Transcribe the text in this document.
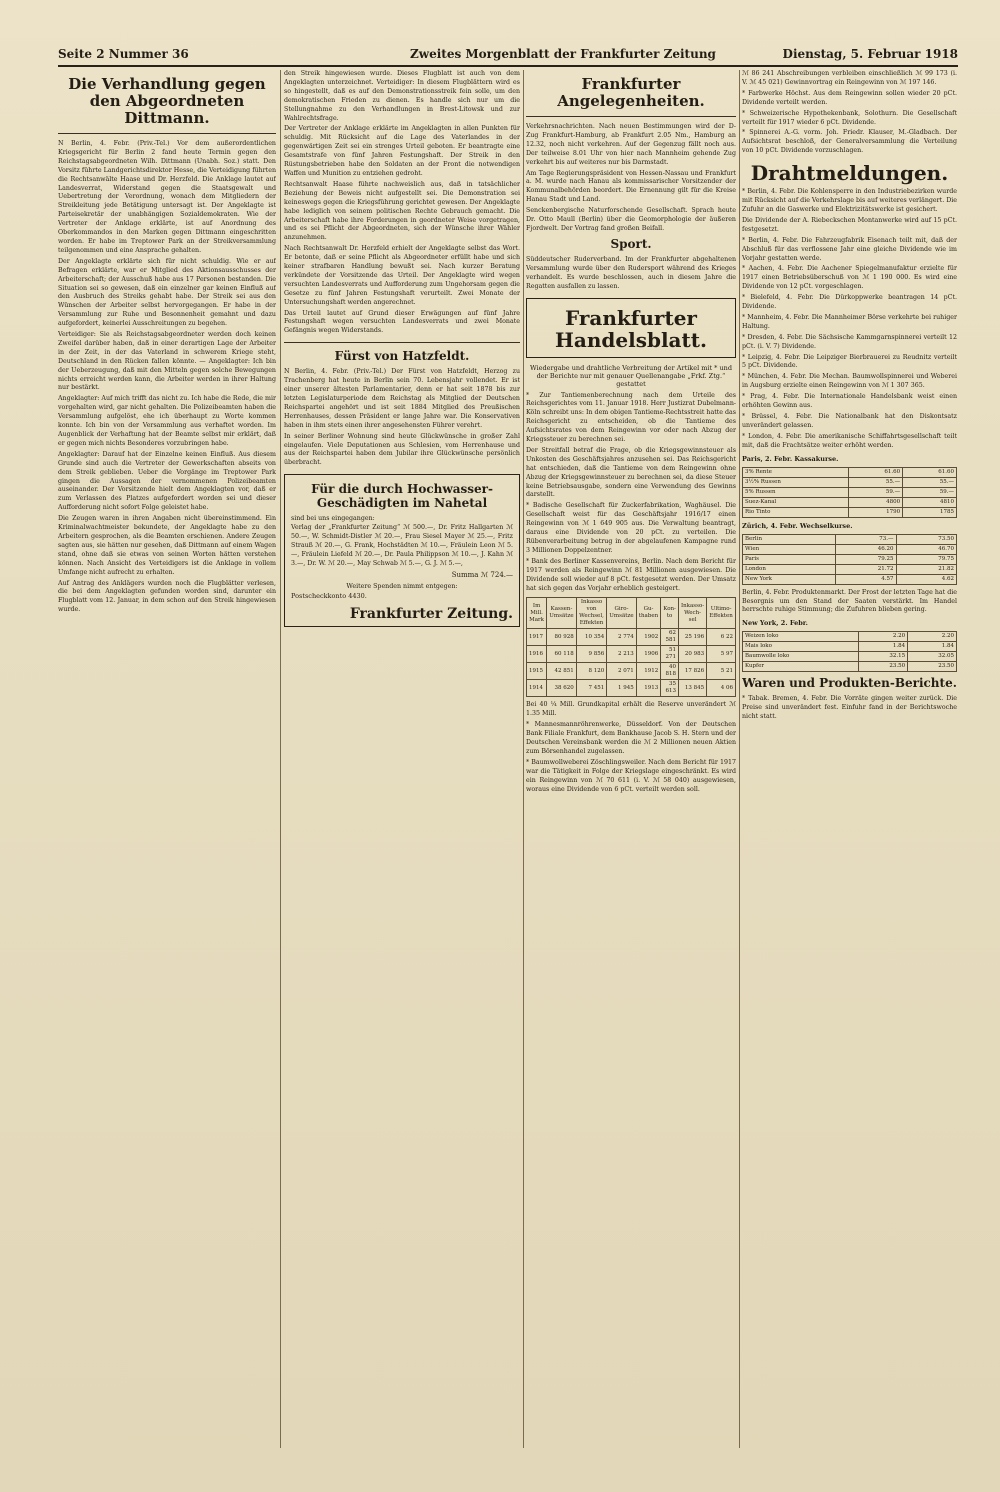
Seite 2 Nummer 36	Zweites Morgenblatt der Frankfurter Zeitung	Dienstag, 5. Februar 1918
Die Verhandlung gegen den Abgeordneten Dittmann.

N Berlin, 4. Febr. (Priv.-Tel.) Vor dem außerordentlichen Kriegsgericht für Berlin 2 fand heute Termin gegen den Reichstagsabgeordneten Wilh. Dittmann (Unabh. Soz.) statt. Den Vorsitz führte Landgerichtsdirektor Hesse, die Verteidigung führten die Rechtsanwälte Haase und Dr. Herzfeld. Die Anklage lautet auf Landesverrat, Widerstand gegen die Staatsgewalt und Uebertretung der Verordnung, wonach dem Mitgliedern der Streikleitung jede Betätigung untersagt ist. Der Angeklagte ist Parteisekretär der unabhängigen Sozialdemokraten. Wie der Vertreter der Anklage erklärte, ist auf Anordnung des Oberkommandos in den Marken gegen Dittmann eingeschritten worden. Er habe im Treptower Park an der Streikversammlung teilgenommen und eine Ansprache gehalten.

Der Angeklagte erklärte sich für nicht schuldig. Wie er auf Befragen erklärte, war er Mitglied des Aktionsausschusses der Arbeiterschaft; der Ausschuß habe aus 17 Personen bestanden. Die Situation sei so gewesen, daß ein einzelner gar keinen Einfluß auf den Ausbruch des Streiks gehabt habe. Der Streik sei aus den Wünschen der Arbeiter selbst hervorgegangen. Er habe in der Versammlung zur Ruhe und Besonnenheit gemahnt und dazu aufgefordert, keinerlei Ausschreitungen zu begehen.

Verteidiger: Sie als Reichstagsabgeordneter werden doch keinen Zweifel darüber haben, daß in einer derartigen Lage der Arbeiter in der Zeit, in der das Vaterland in schwerem Kriege steht, Deutschland in den Rücken fallen könnte. — Angeklagter: Ich bin der Ueberzeugung, daß mit den Mitteln gegen solche Bewegungen nichts erreicht werden kann, die Arbeiter werden in ihrer Haltung nur bestärkt.

Angeklagter: Auf mich trifft das nicht zu. Ich habe die Rede, die mir vorgehalten wird, gar nicht gehalten. Die Polizeibeamten haben die Versammlung aufgelöst, ehe ich überhaupt zu Worte kommen konnte. Ich bin von der Versammlung aus verhaftet worden. Im Augenblick der Verhaftung hat der Beamte selbst mir erklärt, daß er gegen mich nichts Besonderes vorzubringen habe.

Angeklagter: Darauf hat der Einzelne keinen Einfluß. Aus diesem Grunde sind auch die Vertreter der Gewerkschaften abseits von dem Streik geblieben. Ueber die Vorgänge im Treptower Park gingen die Aussagen der vernommenen Polizeibeamten auseinander. Der Vorsitzende hielt dem Angeklagten vor, daß er zum Verlassen des Platzes aufgefordert worden sei und dieser Aufforderung nicht sofort Folge geleistet habe.

Die Zeugen waren in ihren Angaben nicht übereinstimmend. Ein Kriminalwachtmeister bekundete, der Angeklagte habe zu den Arbeitern gesprochen, als die Beamten erschienen. Andere Zeugen sagten aus, sie hätten nur gesehen, daß Dittmann auf einem Wagen stand, ohne daß sie etwas von seinen Worten hätten verstehen können. Nach Ansicht des Verteidigers ist die Anklage in vollem Umfange nicht aufrecht zu erhalten.

Auf Antrag des Anklägers wurden noch die Flugblätter verlesen, die bei dem Angeklagten gefunden worden sind, darunter ein Flugblatt vom 12. Januar, in dem schon auf den Streik hingewiesen wurde.

den Streik hingewiesen wurde. Dieses Flugblatt ist auch von dem Angeklagten unterzeichnet. Verteidiger: In diesem Flugblättern wird es so hingestellt, daß es auf den Demonstrationsstreik fein solle, um den demokratischen Frieden zu dienen. Es handle sich nur um die Stellungnahme zu den Verhandlungen in Brest-Litowsk und zur Wahlrechtsfrage.

Der Vertreter der Anklage erklärte im Angeklagten in allen Punkten für schuldig. Mit Rücksicht auf die Lage des Vaterlandes in der gegenwärtigen Zeit sei ein strenges Urteil geboten. Er beantragte eine Gesamtstrafe von fünf Jahren Festungshaft. Der Streik in den Rüstungsbetrieben habe den Soldaten an der Front die notwendigen Waffen und Munition zu entziehen gedroht.

Rechtsanwalt Haase führte nachweislich aus, daß in tatsächlicher Beziehung der Beweis nicht aufgestellt sei. Die Demonstration sei keineswegs gegen die Kriegsführung gerichtet gewesen. Der Angeklagte habe lediglich von seinem politischen Rechte Gebrauch gemacht. Die Arbeiterschaft habe ihre Forderungen in geordneter Weise vorgetragen, und es sei Pflicht der Abgeordneten, sich der Wünsche ihrer Wähler anzunehmen.

Nach Rechtsanwalt Dr. Herzfeld erhielt der Angeklagte selbst das Wort. Er betonte, daß er seine Pflicht als Abgeordneter erfüllt habe und sich keiner strafbaren Handlung bewußt sei. Nach kurzer Beratung verkündete der Vorsitzende das Urteil. Der Angeklagte wird wegen versuchten Landesverrats und Aufforderung zum Ungehorsam gegen die Gesetze zu fünf Jahren Festungshaft verurteilt. Zwei Monate der Untersuchungshaft werden angerechnet.

Das Urteil lautet auf Grund dieser Erwägungen auf fünf Jahre Festungshaft wegen versuchten Landesverrats und zwei Monate Gefängnis wegen Widerstands.

Fürst von Hatzfeldt.

N Berlin, 4. Febr. (Priv.-Tel.) Der Fürst von Hatzfeldt, Herzog zu Trachenberg hat heute in Berlin sein 70. Lebensjahr vollendet. Er ist einer unserer ältesten Parlamentarier, denn er hat seit 1878 bis zur letzten Legislaturperiode dem Reichstag als Mitglied der Deutschen Reichspartei angehört und ist seit 1884 Mitglied des Preußischen Herrenhauses, dessen Präsident er lange Jahre war. Die Konservativen haben in ihm stets einen ihrer angesehensten Führer verehrt.

In seiner Berliner Wohnung sind heute Glückwünsche in großer Zahl eingelaufen. Viele Deputationen aus Schlesien, vom Herrenhause und aus der Reichspartei haben dem Jubilar ihre Glückwünsche persönlich überbracht.

Für die durch Hochwasser-Geschädigten im Nahetal
sind bei uns eingegangen:
Verlag der „Frankfurter Zeitung“ ℳ 500.—, Dr. Fritz Hallgarten ℳ 50.—, W. Schmidt-Distler ℳ 20.—, Frau Siesel Mayer ℳ 25.—, Fritz Strauß ℳ 20.—, G. Frank, Hochstädten ℳ 10.—, Fräulein Leon ℳ 5.—, Fräulein Liefeld ℳ 20.—, Dr. Paula Philippson ℳ 10.—, J. Kahn ℳ 3.—, Dr. W. ℳ 20.—, May Schwab ℳ 5.—, G. J. ℳ 5.—,
Summa ℳ 724.—
Weitere Spenden nimmt entgegen:
Postscheckkonto 4430.
Frankfurter Zeitung.
Frankfurter Angelegenheiten.

Verkehrsnachrichten. Nach neuen Bestimmungen wird der D-Zug Frankfurt-Hamburg, ab Frankfurt 2.05 Nm., Hamburg an 12.32, noch nicht verkehren. Auf der Gegenzug fällt noch aus. Der teilweise 8.01 Uhr von hier nach Mannheim gehende Zug verkehrt bis auf weiteres nur bis Darmstadt.

Am Tage Regierungspräsident von Hessen-Nassau und Frankfurt a. M. wurde nach Hanau als kommissarischer Vorsitzender der Kommunalbehörden beordert. Die Ernennung gilt für die Kreise Hanau Stadt und Land.

Senckenbergische Naturforschende Gesellschaft. Sprach heute Dr. Otto Maull (Berlin) über die Geomorphologie der äußeren Fjordwelt. Der Vortrag fand großen Beifall.

Sport.

Süddeutscher Ruderverband. Im der Frankfurter abgehaltenen Versammlung wurde über den Rudersport während des Krieges verhandelt. Es wurde beschlossen, auch in diesem Jahre die Regatten ausfallen zu lassen.

Frankfurter Handelsblatt.
Wiedergabe und drahtliche Verbreitung der Artikel mit * und der Berichte nur mit genauer Quellenangabe „Frkf. Ztg.“ gestattet

* Zur Tantiemenberechnung nach dem Urteile des Reichsgerichtes vom 11. Januar 1918. Herr Justizrat Dubelmann-Köln schreibt uns: In dem obigen Tantieme-Rechtsstreit hatte das Reichsgericht zu entscheiden, ob die Tantieme des Aufsichtsrates von dem Reingewinn vor oder nach Abzug der Kriegssteuer zu berechnen sei.

Der Streitfall betraf die Frage, ob die Kriegsgewinnsteuer als Unkosten des Geschäftsjahres anzusehen sei. Das Reichsgericht hat entschieden, daß die Tantieme von dem Reingewinn ohne Abzug der Kriegsgewinnsteuer zu berechnen sei, da diese Steuer keine Betriebsausgabe, sondern eine Verwendung des Gewinns darstellt.

* Badische Gesellschaft für Zuckerfabrikation, Waghäusel. Die Gesellschaft weist für das Geschäftsjahr 1916/17 einen Reingewinn von ℳ 1 649 905 aus. Die Verwaltung beantragt, daraus eine Dividende von 20 pCt. zu verteilen. Die Rübenverarbeitung betrug in der abgelaufenen Kampagne rund 3 Millionen Doppelzentner.

* Bank des Berliner Kassenvereins, Berlin. Nach dem Bericht für 1917 werden als Reingewinn ℳ 81 Millionen ausgewiesen. Die Dividende soll wieder auf 8 pCt. festgesetzt werden. Der Umsatz hat sich gegen das Vorjahr erheblich gesteigert.

Im Mill. Mark	Kassen-Umsätze	Inkasso von Wechsel, Effekten	Giro-Umsätze	Gu-thaben	Kon-to	Inkasso-Wech-sel	Ultimo-Effekten
1917	80 928	10 354	2 774	1902	62 581	25 196	6 22
1916	60 118	9 856	2 213	1906	51 271	20 983	5 97
1915	42 851	8 120	2 071	1912	40 818	17 826	5 21
1914	38 620	7 451	1 945	1913	35 613	13 845	4 06

Bei 40 ¼ Mill. Grundkapital erhält die Reserve unverändert ℳ 1.35 Mill.

* Mannesmannröhrenwerke, Düsseldorf. Von der Deutschen Bank Filiale Frankfurt, dem Bankhause Jacob S. H. Stern und der Deutschen Vereinsbank werden die ℳ 2 Millionen neuen Aktien zum Börsenhandel zugelassen.

* Baumwollweberei Zöschlingsweiler. Nach dem Bericht für 1917 war die Tätigkeit in Folge der Kriegslage eingeschränkt. Es wird ein Reingewinn von ℳ 70 611 (i. V. ℳ 58 040) ausgewiesen, woraus eine Dividende von 6 pCt. verteilt werden soll.

ℳ 86 241 Abschreibungen verbleiben einschließlich ℳ 99 173 (i. V. ℳ 45 021) Gewinnvortrag ein Reingewinn von ℳ 197 146.

* Farbwerke Höchst. Aus dem Reingewinn sollen wieder 20 pCt. Dividende verteilt werden.

* Schweizerische Hypothekenbank, Solothurn. Die Gesellschaft verteilt für 1917 wieder 6 pCt. Dividende.

* Spinnerei A.-G. vorm. Joh. Friedr. Klauser, M.-Gladbach. Der Aufsichtsrat beschloß, der Generalversammlung die Verteilung von 10 pCt. Dividende vorzuschlagen.

Drahtmeldungen.

* Berlin, 4. Febr. Die Kohlensperre in den Industriebezirken wurde mit Rücksicht auf die Verkehrslage bis auf weiteres verlängert. Die Zufuhr an die Gaswerke und Elektrizitätswerke ist gesichert.

Die Dividende der A. Riebeckschen Montanwerke wird auf 15 pCt. festgesetzt.

* Berlin, 4. Febr. Die Fahrzeugfabrik Eisenach teilt mit, daß der Abschluß für das verflossene Jahr eine gleiche Dividende wie im Vorjahr gestatten werde.

* Aachen, 4. Febr. Die Aachener Spiegelmanufaktur erzielte für 1917 einen Betriebsüberschuß von ℳ 1 190 000. Es wird eine Dividende von 12 pCt. vorgeschlagen.

* Bielefeld, 4. Febr. Die Dürkoppwerke beantragen 14 pCt. Dividende.

* Mannheim, 4. Febr. Die Mannheimer Börse verkehrte bei ruhiger Haltung.

* Dresden, 4. Febr. Die Sächsische Kammgarnspinnerei verteilt 12 pCt. (i. V. 7) Dividende.

* Leipzig, 4. Febr. Die Leipziger Bierbrauerei zu Reudnitz verteilt 5 pCt. Dividende.

* München, 4. Febr. Die Mechan. Baumwollspinnerei und Weberei in Augsburg erzielte einen Reingewinn von ℳ 1 307 365.

* Prag, 4. Febr. Die Internationale Handelsbank weist einen erhöhten Gewinn aus.

* Brüssel, 4. Febr. Die Nationalbank hat den Diskontsatz unverändert gelassen.

* London, 4. Febr. Die amerikanische Schiffahrtsgesellschaft teilt mit, daß die Frachtsätze weiter erhöht werden.

Paris, 2. Febr. Kassakurse.
3% Rente	61.60	61.60
3½% Russen	55.—	55.—
5% Russen	59.—	59.—
Suez-Kanal	4800	4810
Rio Tinto	1790	1785
Zürich, 4. Febr. Wechselkurse.
Berlin	73.—	73.50
Wien	46.20	46.70
Paris	79.25	79.75
London	21.72	21.82
New York	4.57	4.62

Berlin, 4. Febr. Produktenmarkt. Der Frost der letzten Tage hat die Besorgnis um den Stand der Saaten verstärkt. Im Handel herrschte ruhige Stimmung; die Zufuhren blieben gering.

New York, 2. Febr.
Weizen loko	2.20	2.20
Mais loko	1.84	1.84
Baumwolle loko	32.15	32.05
Kupfer	23.50	23.50
Waren und Produkten-Berichte.

* Tabak. Bremen, 4. Febr. Die Vorräte gingen weiter zurück. Die Preise sind unverändert fest. Einfuhr fand in der Berichtswoche nicht statt.
